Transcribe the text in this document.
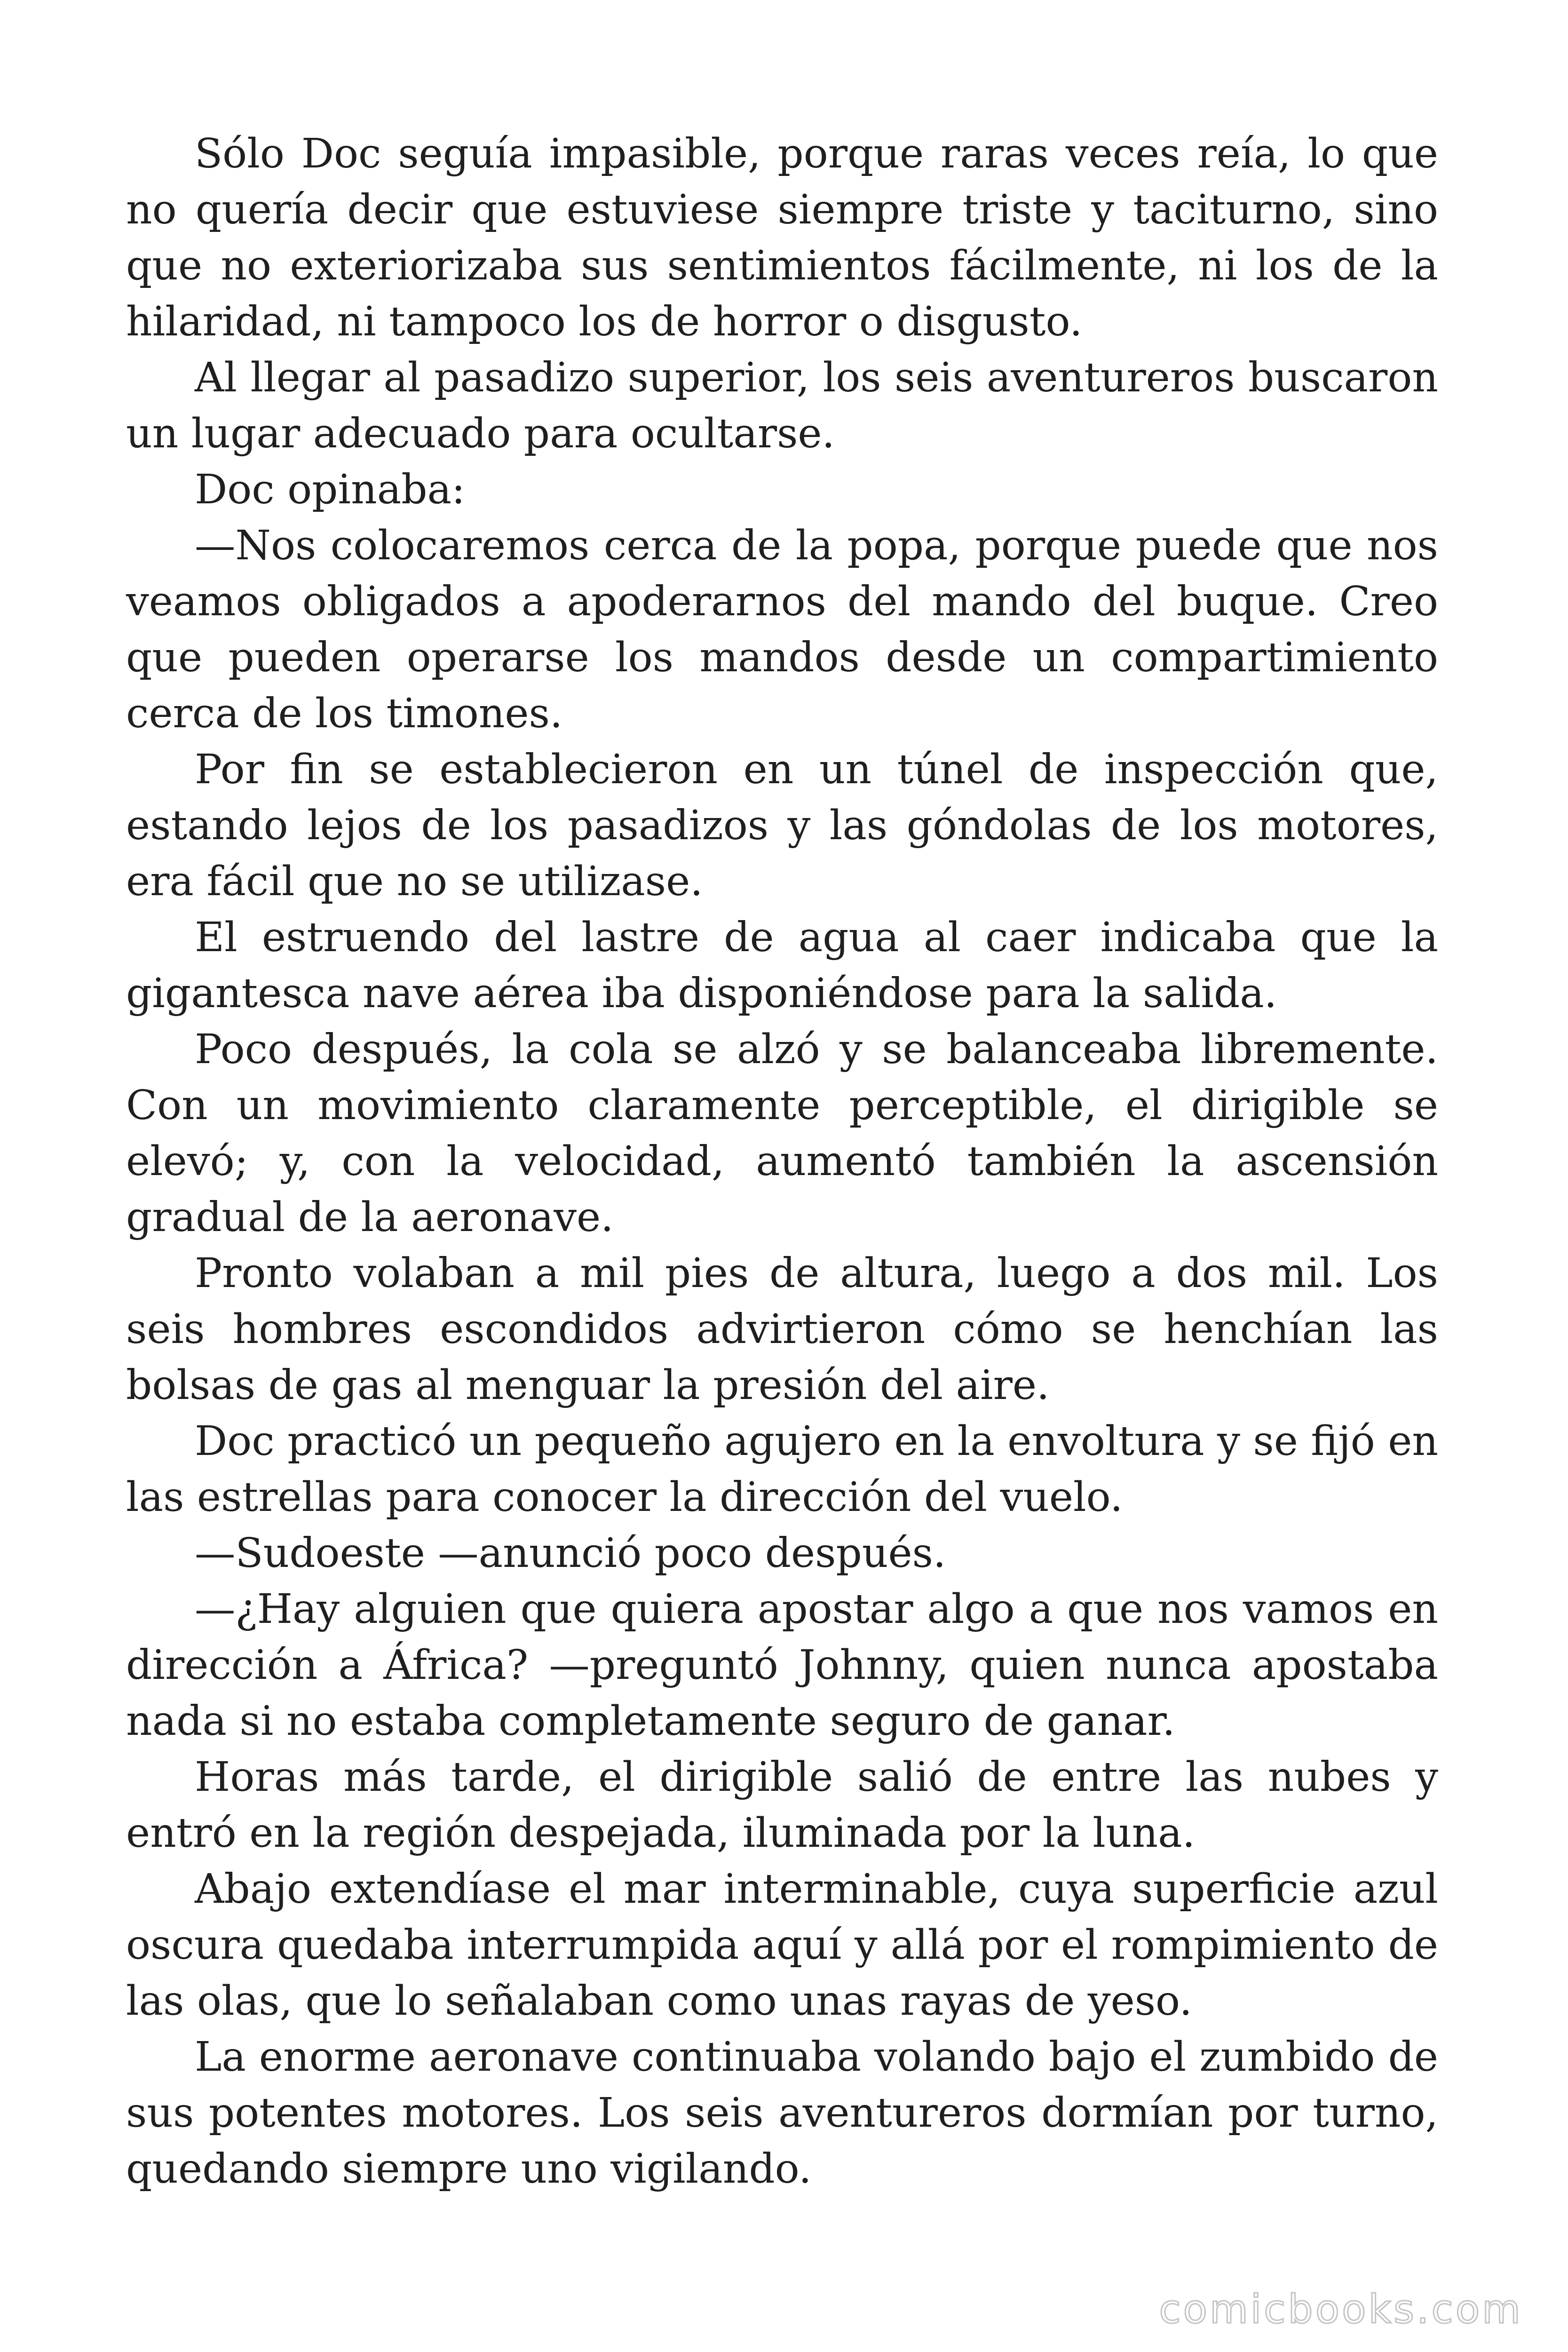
Sólo Doc seguía impasible, porque raras veces reía, lo que no quería decir que estuviese siempre triste y taciturno, sino que no exteriorizaba sus sentimientos fácilmente, ni los de la hilaridad, ni tampoco los de horror o disgusto.

Al llegar al pasadizo superior, los seis aventureros buscaron un lugar adecuado para ocultarse.

Doc opinaba:

—Nos colocaremos cerca de la popa, porque puede que nos veamos obligados a apoderarnos del mando del buque. Creo que pueden operarse los mandos desde un compartimiento cerca de los timones.

Por fin se establecieron en un túnel de inspección que, estando lejos de los pasadizos y las góndolas de los motores, era fácil que no se utilizase.

El estruendo del lastre de agua al caer indicaba que la gigantesca nave aérea iba disponiéndose para la salida.

Poco después, la cola se alzó y se balanceaba libremente. Con un movimiento claramente perceptible, el dirigible se elevó; y, con la velocidad, aumentó también la ascensión gradual de la aeronave.

Pronto volaban a mil pies de altura, luego a dos mil. Los seis hombres escondidos advirtieron cómo se henchían las bolsas de gas al menguar la presión del aire.

Doc practicó un pequeño agujero en la envoltura y se fijó en las estrellas para conocer la dirección del vuelo.

—Sudoeste —anunció poco después.

—¿Hay alguien que quiera apostar algo a que nos vamos en dirección a África? —preguntó Johnny, quien nunca apostaba nada si no estaba completamente seguro de ganar.

Horas más tarde, el dirigible salió de entre las nubes y entró en la región despejada, iluminada por la luna.

Abajo extendíase el mar interminable, cuya superficie azul oscura quedaba interrumpida aquí y allá por el rompimiento de las olas, que lo señalaban como unas rayas de yeso.

La enorme aeronave continuaba volando bajo el zumbido de sus potentes motores. Los seis aventureros dormían por turno, quedando siempre uno vigilando.

comicbooks.com
